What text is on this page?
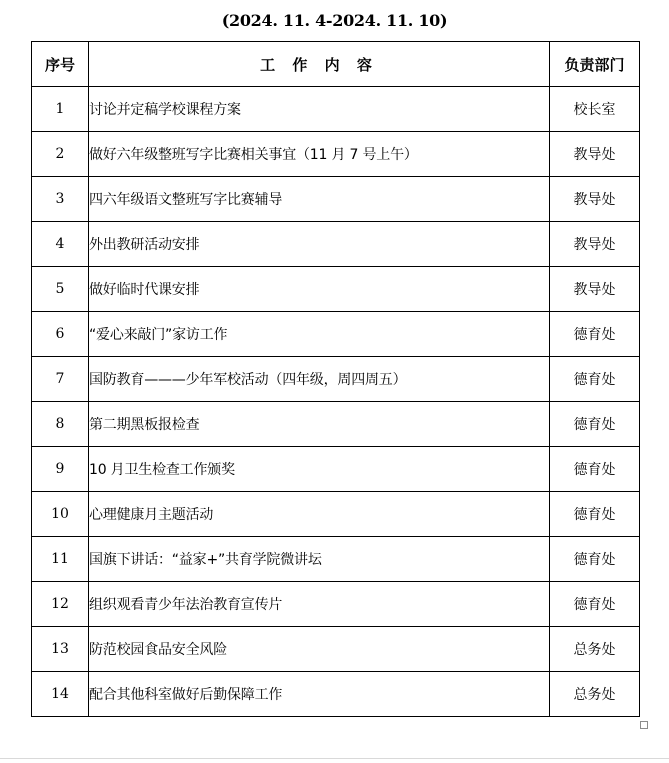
(2024. 11. 4-2024. 11. 10)
序号	工 作 内 容	负责部门
1	讨论并定稿学校课程方案	校长室
2	做好六年级整班写字比赛相关事宜（11 月 7 号上午）	教导处
3	四六年级语文整班写字比赛辅导	教导处
4	外出教研活动安排	教导处
5	做好临时代课安排	教导处
6	“爱心来敲门”家访工作	德育处
7	国防教育———少年军校活动（四年级，周四周五）	德育处
8	第二期黑板报检查	德育处
9	10 月卫生检查工作颁奖	德育处
10	心理健康月主题活动	德育处
11	国旗下讲话：“益家+”共育学院微讲坛	德育处
12	组织观看青少年法治教育宣传片	德育处
13	防范校园食品安全风险	总务处
14	配合其他科室做好后勤保障工作	总务处
